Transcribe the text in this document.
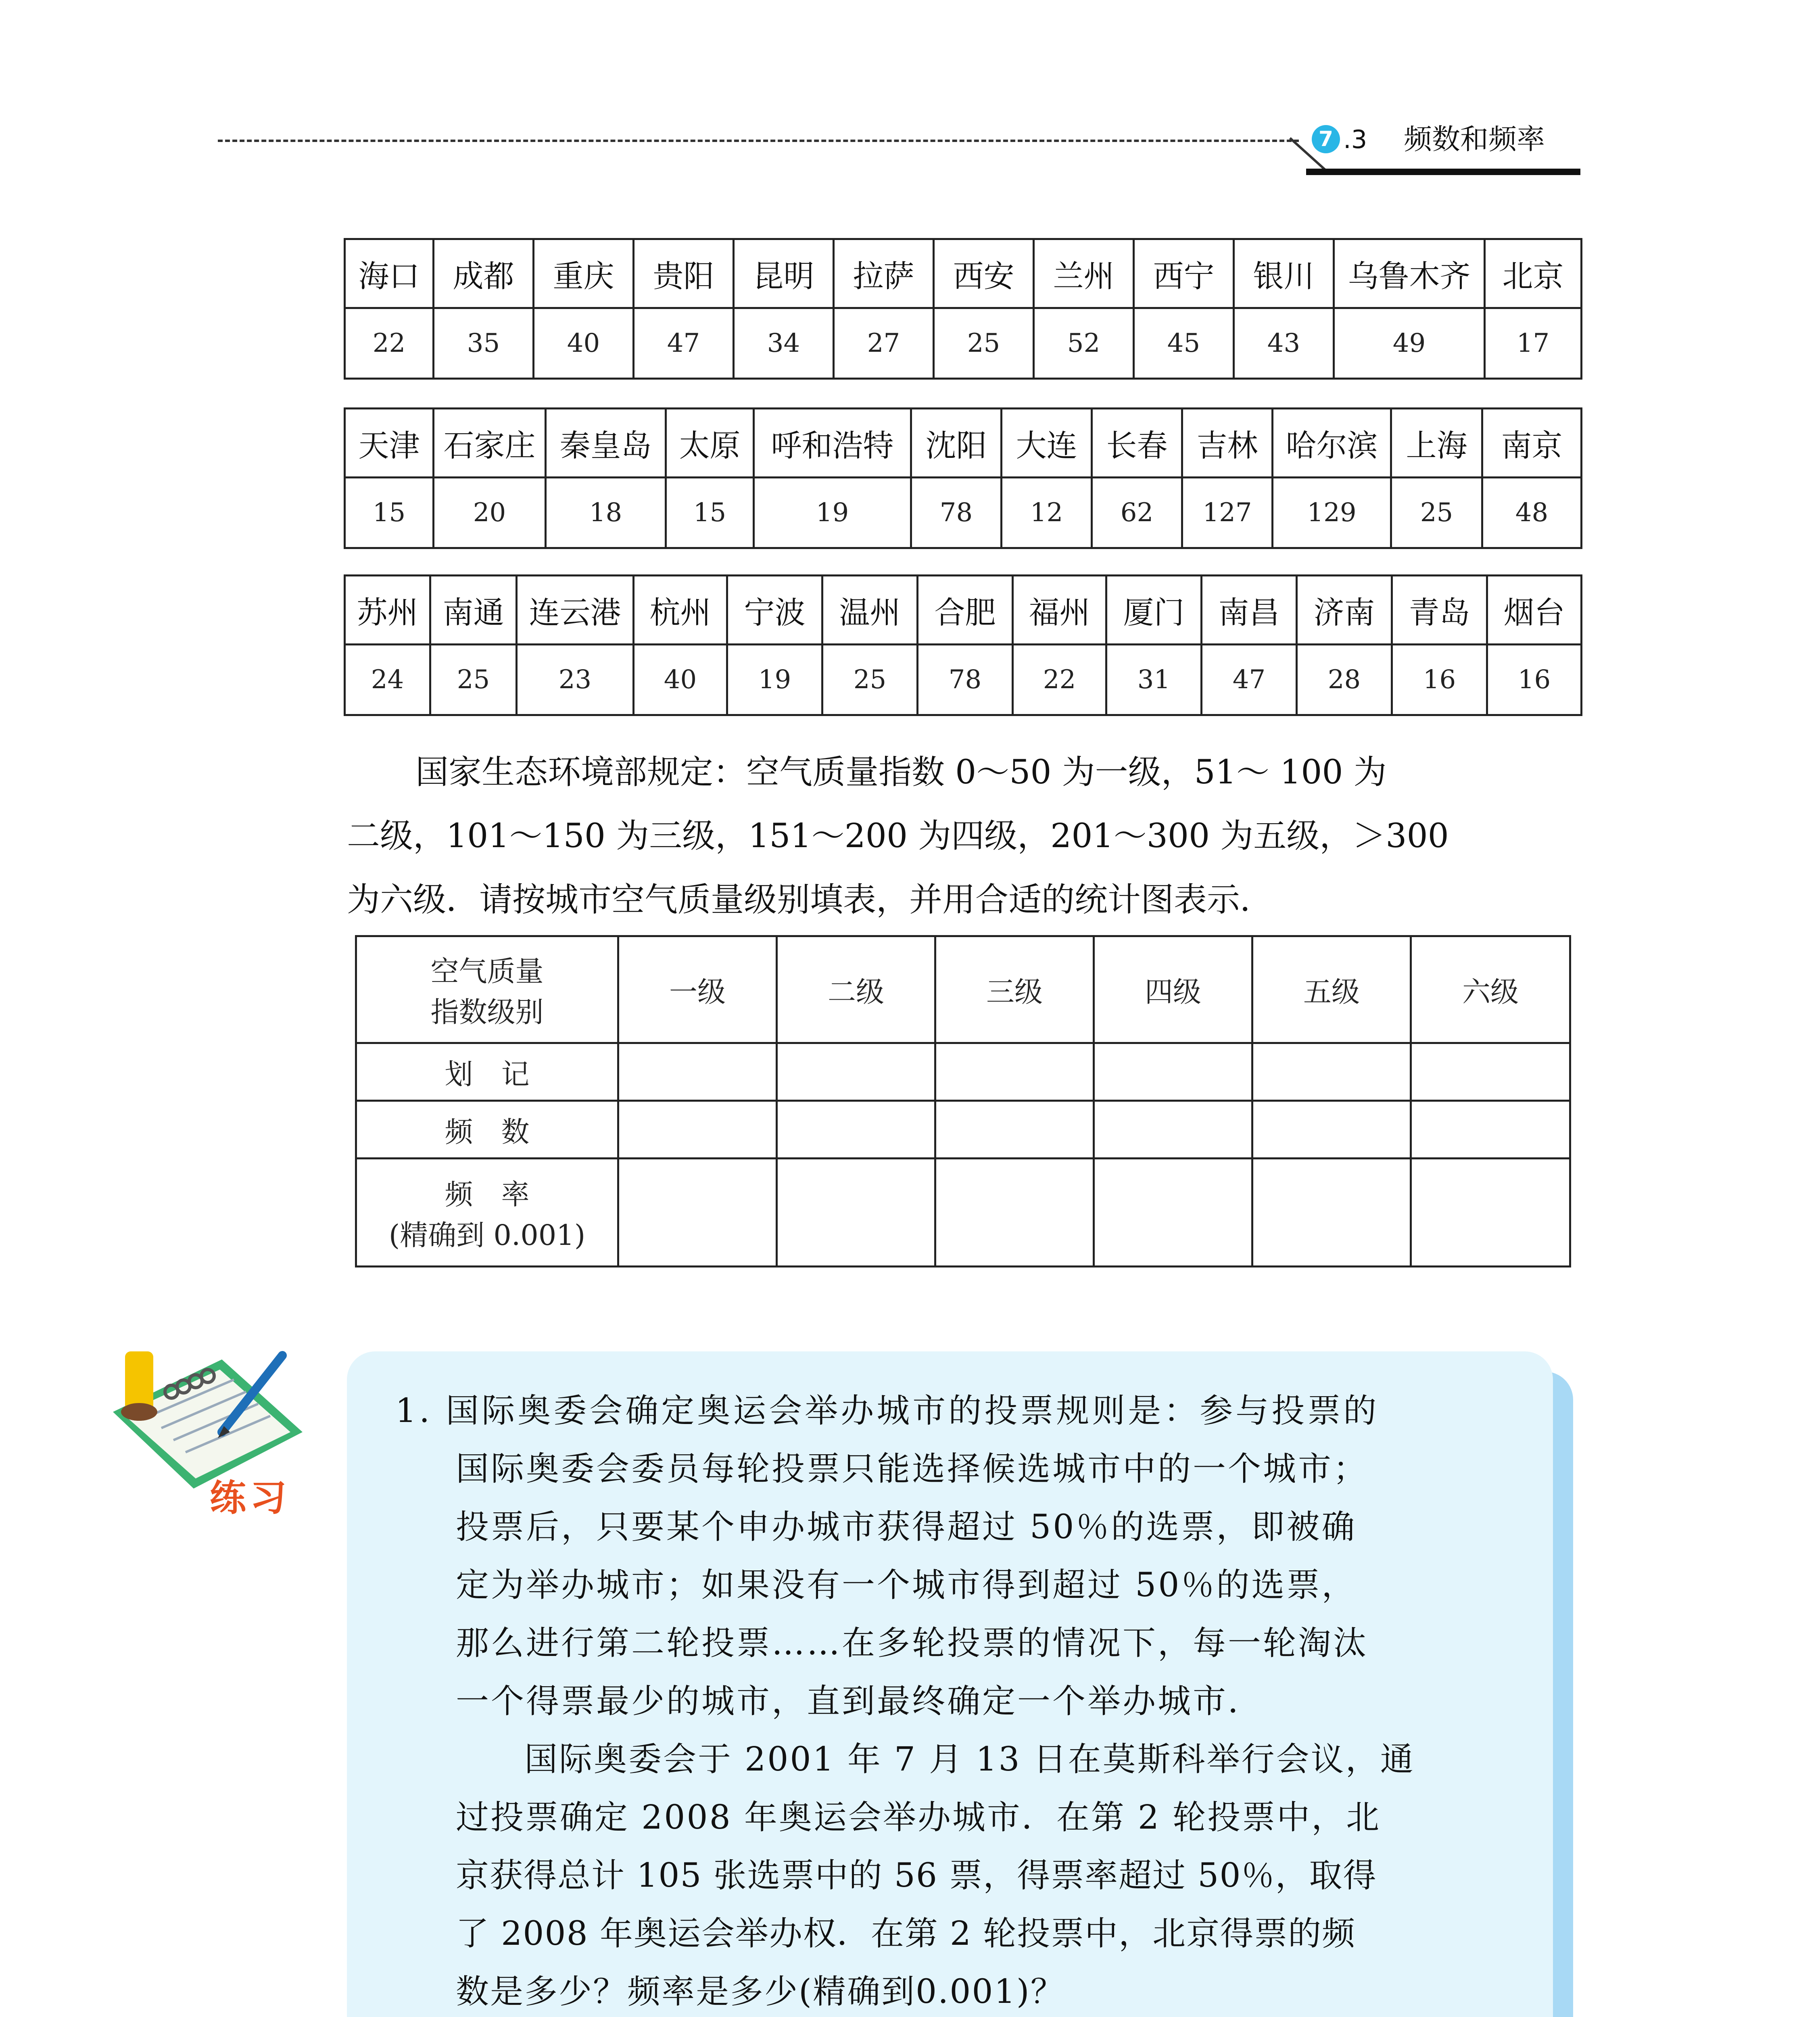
7 .3 频数和频率
海口	成都	重庆	贵阳	昆明	拉萨	西安	兰州	西宁	银川	乌鲁木齐	北京
22	35	40	47	34	27	25	52	45	43	49	17
天津	石家庄	秦皇岛	太原	呼和浩特	沈阳	大连	长春	吉林	哈尔滨	上海	南京
15	20	18	15	19	78	12	62	127	129	25	48
苏州	南通	连云港	杭州	宁波	温州	合肥	福州	厦门	南昌	济南	青岛	烟台
24	25	23	40	19	25	78	22	31	47	28	16	16
国家生态环境部规定：空气质量指数 0～50 为一级，51～ 100 为
二级，101～150 为三级，151～200 为四级，201～300 为五级，＞300
为六级．请按城市空气质量级别填表，并用合适的统计图表示．
空气质量
指数级别	一级	二级	三级	四级	五级	六级
划　记						
频　数						

频　率
(精确到 0.001)						

练习
1. 国际奥委会确定奥运会举办城市的投票规则是：参与投票的
国际奥委会委员每轮投票只能选择候选城市中的一个城市；
投票后，只要某个申办城市获得超过 50％的选票，即被确
定为举办城市；如果没有一个城市得到超过 50％的选票，
那么进行第二轮投票……在多轮投票的情况下，每一轮淘汰
一个得票最少的城市，直到最终确定一个举办城市．
国际奥委会于 2001 年 7 月 13 日在莫斯科举行会议，通
过投票确定 2008 年奥运会举办城市．在第 2 轮投票中，北
京获得总计 105 张选票中的 56 票，得票率超过 50％，取得
了 2008 年奥运会举办权．在第 2 轮投票中，北京得票的频
数是多少？频率是多少(精确到0.001)？
